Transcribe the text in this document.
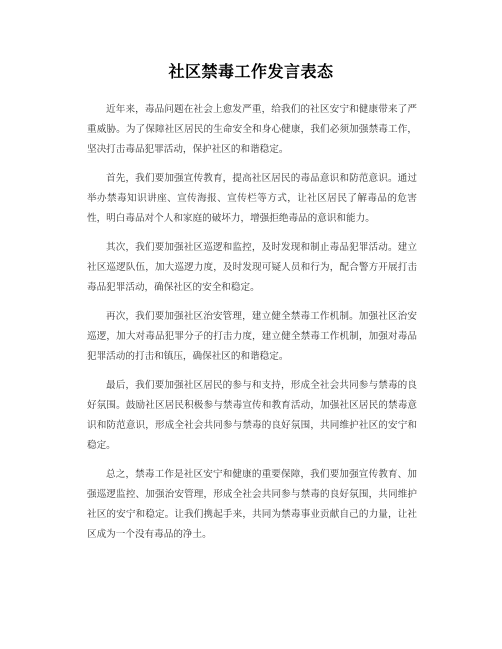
社区禁毒工作发言表态

近年来，毒品问题在社会上愈发严重，给我们的社区安宁和健康带来了严重威胁。为了保障社区居民的生命安全和身心健康，我们必须加强禁毒工作，坚决打击毒品犯罪活动，保护社区的和谐稳定。

首先，我们要加强宣传教育，提高社区居民的毒品意识和防范意识。通过举办禁毒知识讲座、宣传海报、宣传栏等方式，让社区居民了解毒品的危害性，明白毒品对个人和家庭的破坏力，增强拒绝毒品的意识和能力。

其次，我们要加强社区巡逻和监控，及时发现和制止毒品犯罪活动。建立社区巡逻队伍，加大巡逻力度，及时发现可疑人员和行为，配合警方开展打击毒品犯罪活动，确保社区的安全和稳定。

再次，我们要加强社区治安管理，建立健全禁毒工作机制。加强社区治安巡逻，加大对毒品犯罪分子的打击力度，建立健全禁毒工作机制，加强对毒品犯罪活动的打击和镇压，确保社区的和谐稳定。

最后，我们要加强社区居民的参与和支持，形成全社会共同参与禁毒的良好氛围。鼓励社区居民积极参与禁毒宣传和教育活动，加强社区居民的禁毒意识和防范意识，形成全社会共同参与禁毒的良好氛围，共同维护社区的安宁和稳定。

总之，禁毒工作是社区安宁和健康的重要保障，我们要加强宣传教育、加强巡逻监控、加强治安管理，形成全社会共同参与禁毒的良好氛围，共同维护社区的安宁和稳定。让我们携起手来，共同为禁毒事业贡献自己的力量，让社区成为一个没有毒品的净土。
